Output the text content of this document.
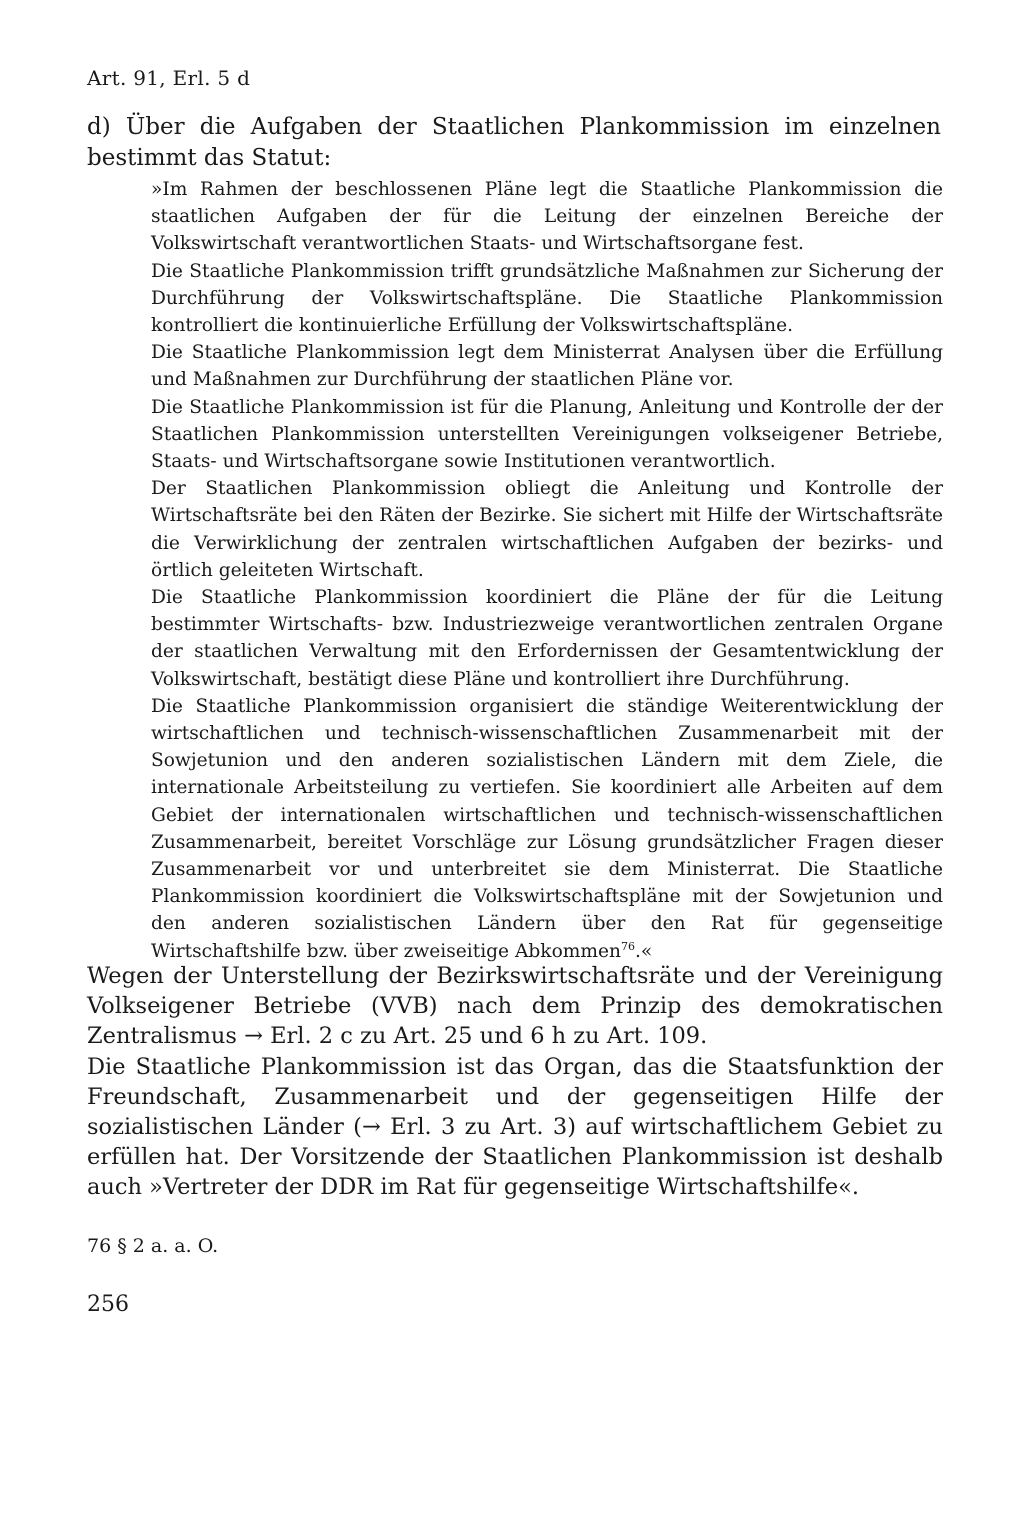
Art. 91, Erl. 5 d

d) Über die Aufgaben der Staatlichen Plankommission im einzelnen bestimmt das Statut:

»Im Rahmen der beschlossenen Pläne legt die Staatliche Plankommission die staatlichen Aufgaben der für die Leitung der einzelnen Bereiche der Volkswirtschaft verantwortlichen Staats- und Wirtschaftsorgane fest.

Die Staatliche Plankommission trifft grundsätzliche Maßnahmen zur Sicherung der Durchführung der Volkswirtschaftspläne. Die Staatliche Plankommission kontrolliert die kontinuierliche Erfüllung der Volkswirtschaftspläne.

Die Staatliche Plankommission legt dem Ministerrat Analysen über die Erfüllung und Maßnahmen zur Durchführung der staatlichen Pläne vor.

Die Staatliche Plankommission ist für die Planung, Anleitung und Kontrolle der der Staatlichen Plankommission unterstellten Vereinigungen volkseigener Betriebe, Staats- und Wirtschaftsorgane sowie Institutionen verantwortlich.

Der Staatlichen Plankommission obliegt die Anleitung und Kontrolle der Wirtschaftsräte bei den Räten der Bezirke. Sie sichert mit Hilfe der Wirtschaftsräte die Verwirklichung der zentralen wirtschaftlichen Aufgaben der bezirks- und örtlich geleiteten Wirtschaft.

Die Staatliche Plankommission koordiniert die Pläne der für die Leitung bestimmter Wirtschafts- bzw. Industriezweige verantwortlichen zentralen Organe der staatlichen Verwaltung mit den Erfordernissen der Gesamtentwicklung der Volkswirtschaft, bestätigt diese Pläne und kontrolliert ihre Durchführung.

Die Staatliche Plankommission organisiert die ständige Weiterentwicklung der wirtschaftlichen und technisch-wissenschaftlichen Zusammenarbeit mit der Sowjetunion und den anderen sozialistischen Ländern mit dem Ziele, die internationale Arbeitsteilung zu vertiefen. Sie koordiniert alle Arbeiten auf dem Gebiet der internationalen wirtschaftlichen und technisch-wissenschaftlichen Zusammenarbeit, bereitet Vorschläge zur Lösung grundsätzlicher Fragen dieser Zusammenarbeit vor und unterbreitet sie dem Ministerrat. Die Staatliche Plankommission koordiniert die Volkswirtschaftspläne mit der Sowjetunion und den anderen sozialistischen Ländern über den Rat für gegenseitige Wirtschaftshilfe bzw. über zweiseitige Abkommen$^{76}$.«

Wegen der Unterstellung der Bezirkswirtschaftsräte und der Vereinigung Volkseigener Betriebe (VVB) nach dem Prinzip des demokratischen Zentralismus → Erl. 2 c zu Art. 25 und 6 h zu Art. 109.

Die Staatliche Plankommission ist das Organ, das die Staatsfunktion der Freundschaft, Zusammenarbeit und der gegenseitigen Hilfe der sozialistischen Länder (→ Erl. 3 zu Art. 3) auf wirtschaftlichem Gebiet zu erfüllen hat. Der Vorsitzende der Staatlichen Plankommission ist deshalb auch »Vertreter der DDR im Rat für gegenseitige Wirtschaftshilfe«.

76 § 2 a. a. O.

256
